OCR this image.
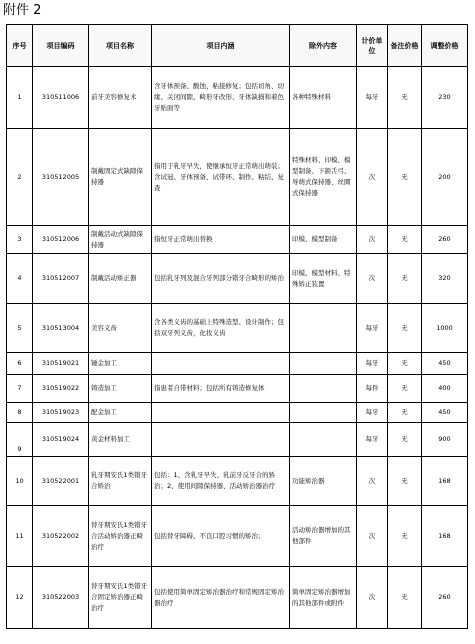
附件 2
序号	项目编码	项目名称	项目内涵	除外内容	计价单位	备注价格	调整价格
1	310511006	前牙美容修复术	含牙体预备、酸蚀、粘接修复；包括切角、切缘、关闭间隙、畸形牙改形、牙体缺损和着色牙贴面等	各种特殊材料	每牙	无	230
2	310512005	制戴固定式缺隙保持器	指用于乳牙早失，使继承恒牙正常萌出萌装；含试冠、牙体预备、试带环、制作、粘结、复查	特殊材料、印模、模型制备、下颌舌弓、导萌式保持器、丝圈式保持器	次	无	200
3	310512006	制戴活动式缺隙保持器	指恒牙正常萌出替换	印模、模型制备	次	无	260
4	310512007	制戴活动矫正器	包括乳牙列及混合牙列部分错牙合畸形的矫治	印模、模型材料、特殊矫正装置	次	无	320
5	310513004	美容义齿	含各类义齿的基础上特殊造型、设计制作；包括双牙列义齿，化妆义齿		每牙	无	1000
6	310519021	锤金加工			每牙	无	450
7	310519022	铸造加工	指患者自带材料；包括所有铸造修复体		每件	无	400
8	310519023	配金加工			每牙	无	450
9	310519024	黄金材料加工			每牙	无	900
10	310522001	乳牙期安氏1类错牙合矫治	包括：1、含乳牙早失、乳前牙反牙合的矫治；2、使用间隙保持器、活动矫治器治疗	功能矫治器	次	无	168
11	310522002	替牙期安氏1类错牙合活动矫治器正畸治疗	包括替牙障碍、不良口腔习惯的矫治；	活动矫治器增加的其他部件	次	无	168
12	310522003	替牙期安氏1类错牙合固定矫治器正畸治疗	包括使用简单固定矫治器治疗和常规固定矫治器治疗	简单固定矫治器增加的其他部件或附件	次	无	260
